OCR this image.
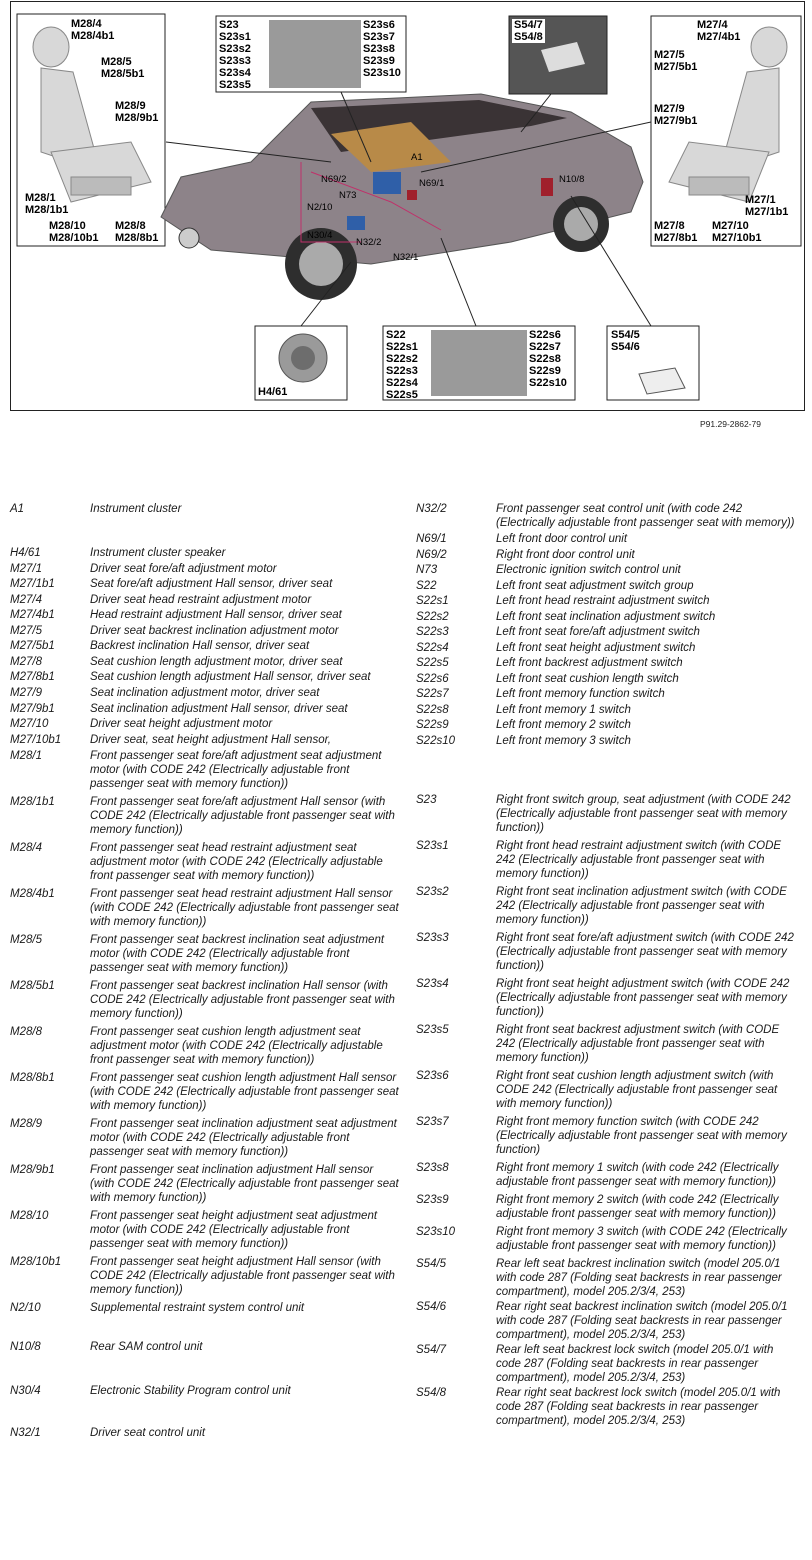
M28/4
M28/4b1
M28/5
M28/5b1
M28/9
M28/9b1
M28/1
M28/1b1
M28/10
M28/10b1
M28/8
M28/8b1
S23
S23s1
S23s2
S23s3
S23s4
S23s5
S23s6
S23s7
S23s8
S23s9
S23s10
S54/7
S54/8
M27/4
M27/4b1
M27/5
M27/5b1
M27/9
M27/9b1
M27/1
M27/1b1
M27/8
M27/8b1
M27/10
M27/10b1
H4/61
S22
S22s1
S22s2
S22s3
S22s4
S22s5
S22s6
S22s7
S22s8
S22s9
S22s10
S54/5
S54/6
A1
N69/2
N73
N69/1	N10/8
N2/10
N30/4
N32/2
N32/1
P91.29-2862-79
A1	Instrument cluster
H4/61	Instrument cluster speaker
M27/1	Driver seat fore/aft adjustment motor
M27/1b1	Seat fore/aft adjustment Hall sensor, driver seat
M27/4	Driver seat head restraint adjustment motor
M27/4b1	Head restraint adjustment Hall sensor, driver seat
M27/5	Driver seat backrest inclination adjustment motor
M27/5b1	Backrest inclination Hall sensor, driver seat
M27/8	Seat cushion length adjustment motor, driver seat
M27/8b1	Seat cushion length adjustment Hall sensor, driver seat
M27/9	Seat inclination adjustment motor, driver seat
M27/9b1	Seat inclination adjustment Hall sensor, driver seat
M27/10	Driver seat height adjustment motor
M27/10b1	Driver seat, seat height adjustment Hall sensor,
M28/1	Front passenger seat fore/aft adjustment seat adjustment motor (with CODE 242 (Electrically adjustable front passenger seat with memory function))
M28/1b1	Front passenger seat fore/aft adjustment Hall sensor (with CODE 242 (Electrically adjustable front passenger seat with memory function))
M28/4	Front passenger seat head restraint adjustment seat adjustment motor (with CODE 242 (Electrically adjustable front passenger seat with memory function))
M28/4b1	Front passenger seat head restraint adjustment Hall sensor (with CODE 242 (Electrically adjustable front passenger seat with memory function))
M28/5	Front passenger seat backrest inclination seat adjustment motor (with CODE 242 (Electrically adjustable front passenger seat with memory function))
M28/5b1	Front passenger seat backrest inclination Hall sensor (with CODE 242 (Electrically adjustable front passenger seat with memory function))
M28/8	Front passenger seat cushion length adjustment seat adjustment motor (with CODE 242 (Electrically adjustable front passenger seat with memory function))
M28/8b1	Front passenger seat cushion length adjustment Hall sensor (with CODE 242 (Electrically adjustable front passenger seat with memory function))
M28/9	Front passenger seat inclination adjustment seat adjustment motor (with CODE 242 (Electrically adjustable front passenger seat with memory function))
M28/9b1	Front passenger seat inclination adjustment Hall sensor (with CODE 242 (Electrically adjustable front passenger seat with memory function))
M28/10	Front passenger seat height adjustment seat adjustment motor (with CODE 242 (Electrically adjustable front passenger seat with memory function))
M28/10b1	Front passenger seat height adjustment Hall sensor (with CODE 242 (Electrically adjustable front passenger seat with memory function))
N2/10	Supplemental restraint system control unit
N10/8	Rear SAM control unit
N30/4	Electronic Stability Program control unit
N32/1	Driver seat control unit
N32/2	Front passenger seat control unit (with code 242 (Electrically adjustable front passenger seat with memory))
N69/1	Left front door control unit
N69/2	Right front door control unit
N73	Electronic ignition switch control unit
S22	Left front seat adjustment switch group
S22s1	Left front head restraint adjustment switch
S22s2	Left front seat inclination adjustment switch
S22s3	Left front seat fore/aft adjustment switch
S22s4	Left front seat height adjustment switch
S22s5	Left front backrest adjustment switch
S22s6	Left front seat cushion length switch
S22s7	Left front memory function switch
S22s8	Left front memory 1 switch
S22s9	Left front memory 2 switch
S22s10	Left front memory 3 switch
S23	Right front switch group, seat adjustment (with CODE 242 (Electrically adjustable front passenger seat with memory function))
S23s1	Right front head restraint adjustment switch (with CODE 242 (Electrically adjustable front passenger seat with memory function))
S23s2	Right front seat inclination adjustment switch (with CODE 242 (Electrically adjustable front passenger seat with memory function))
S23s3	Right front seat fore/aft adjustment switch (with CODE 242 (Electrically adjustable front passenger seat with memory function))
S23s4	Right front seat height adjustment switch (with CODE 242 (Electrically adjustable front passenger seat with memory function))
S23s5	Right front seat backrest adjustment switch (with CODE 242 (Electrically adjustable front passenger seat with memory function))
S23s6	Right front seat cushion length adjustment switch (with CODE 242 (Electrically adjustable front passenger seat with memory function))
S23s7	Right front memory function switch (with CODE 242 (Electrically adjustable front passenger seat with memory function)
S23s8	Right front memory 1 switch (with code 242 (Electrically adjustable front passenger seat with memory function))
S23s9	Right front memory 2 switch (with code 242 (Electrically adjustable front passenger seat with memory function))
S23s10	Right front memory 3 switch (with CODE 242 (Electrically adjustable front passenger seat with memory function))
S54/5	Rear left seat backrest inclination switch (model 205.0/1 with code 287 (Folding seat backrests in rear passenger compartment), model 205.2/3/4, 253)
S54/6	Rear right seat backrest inclination switch (model 205.0/1 with code 287 (Folding seat backrests in rear passenger compartment), model 205.2/3/4, 253)
S54/7	Rear left seat backrest lock switch (model 205.0/1 with code 287 (Folding seat backrests in rear passenger compartment), model 205.2/3/4, 253)
S54/8	Rear right seat backrest lock switch (model 205.0/1 with code 287 (Folding seat backrests in rear passenger compartment), model 205.2/3/4, 253)
